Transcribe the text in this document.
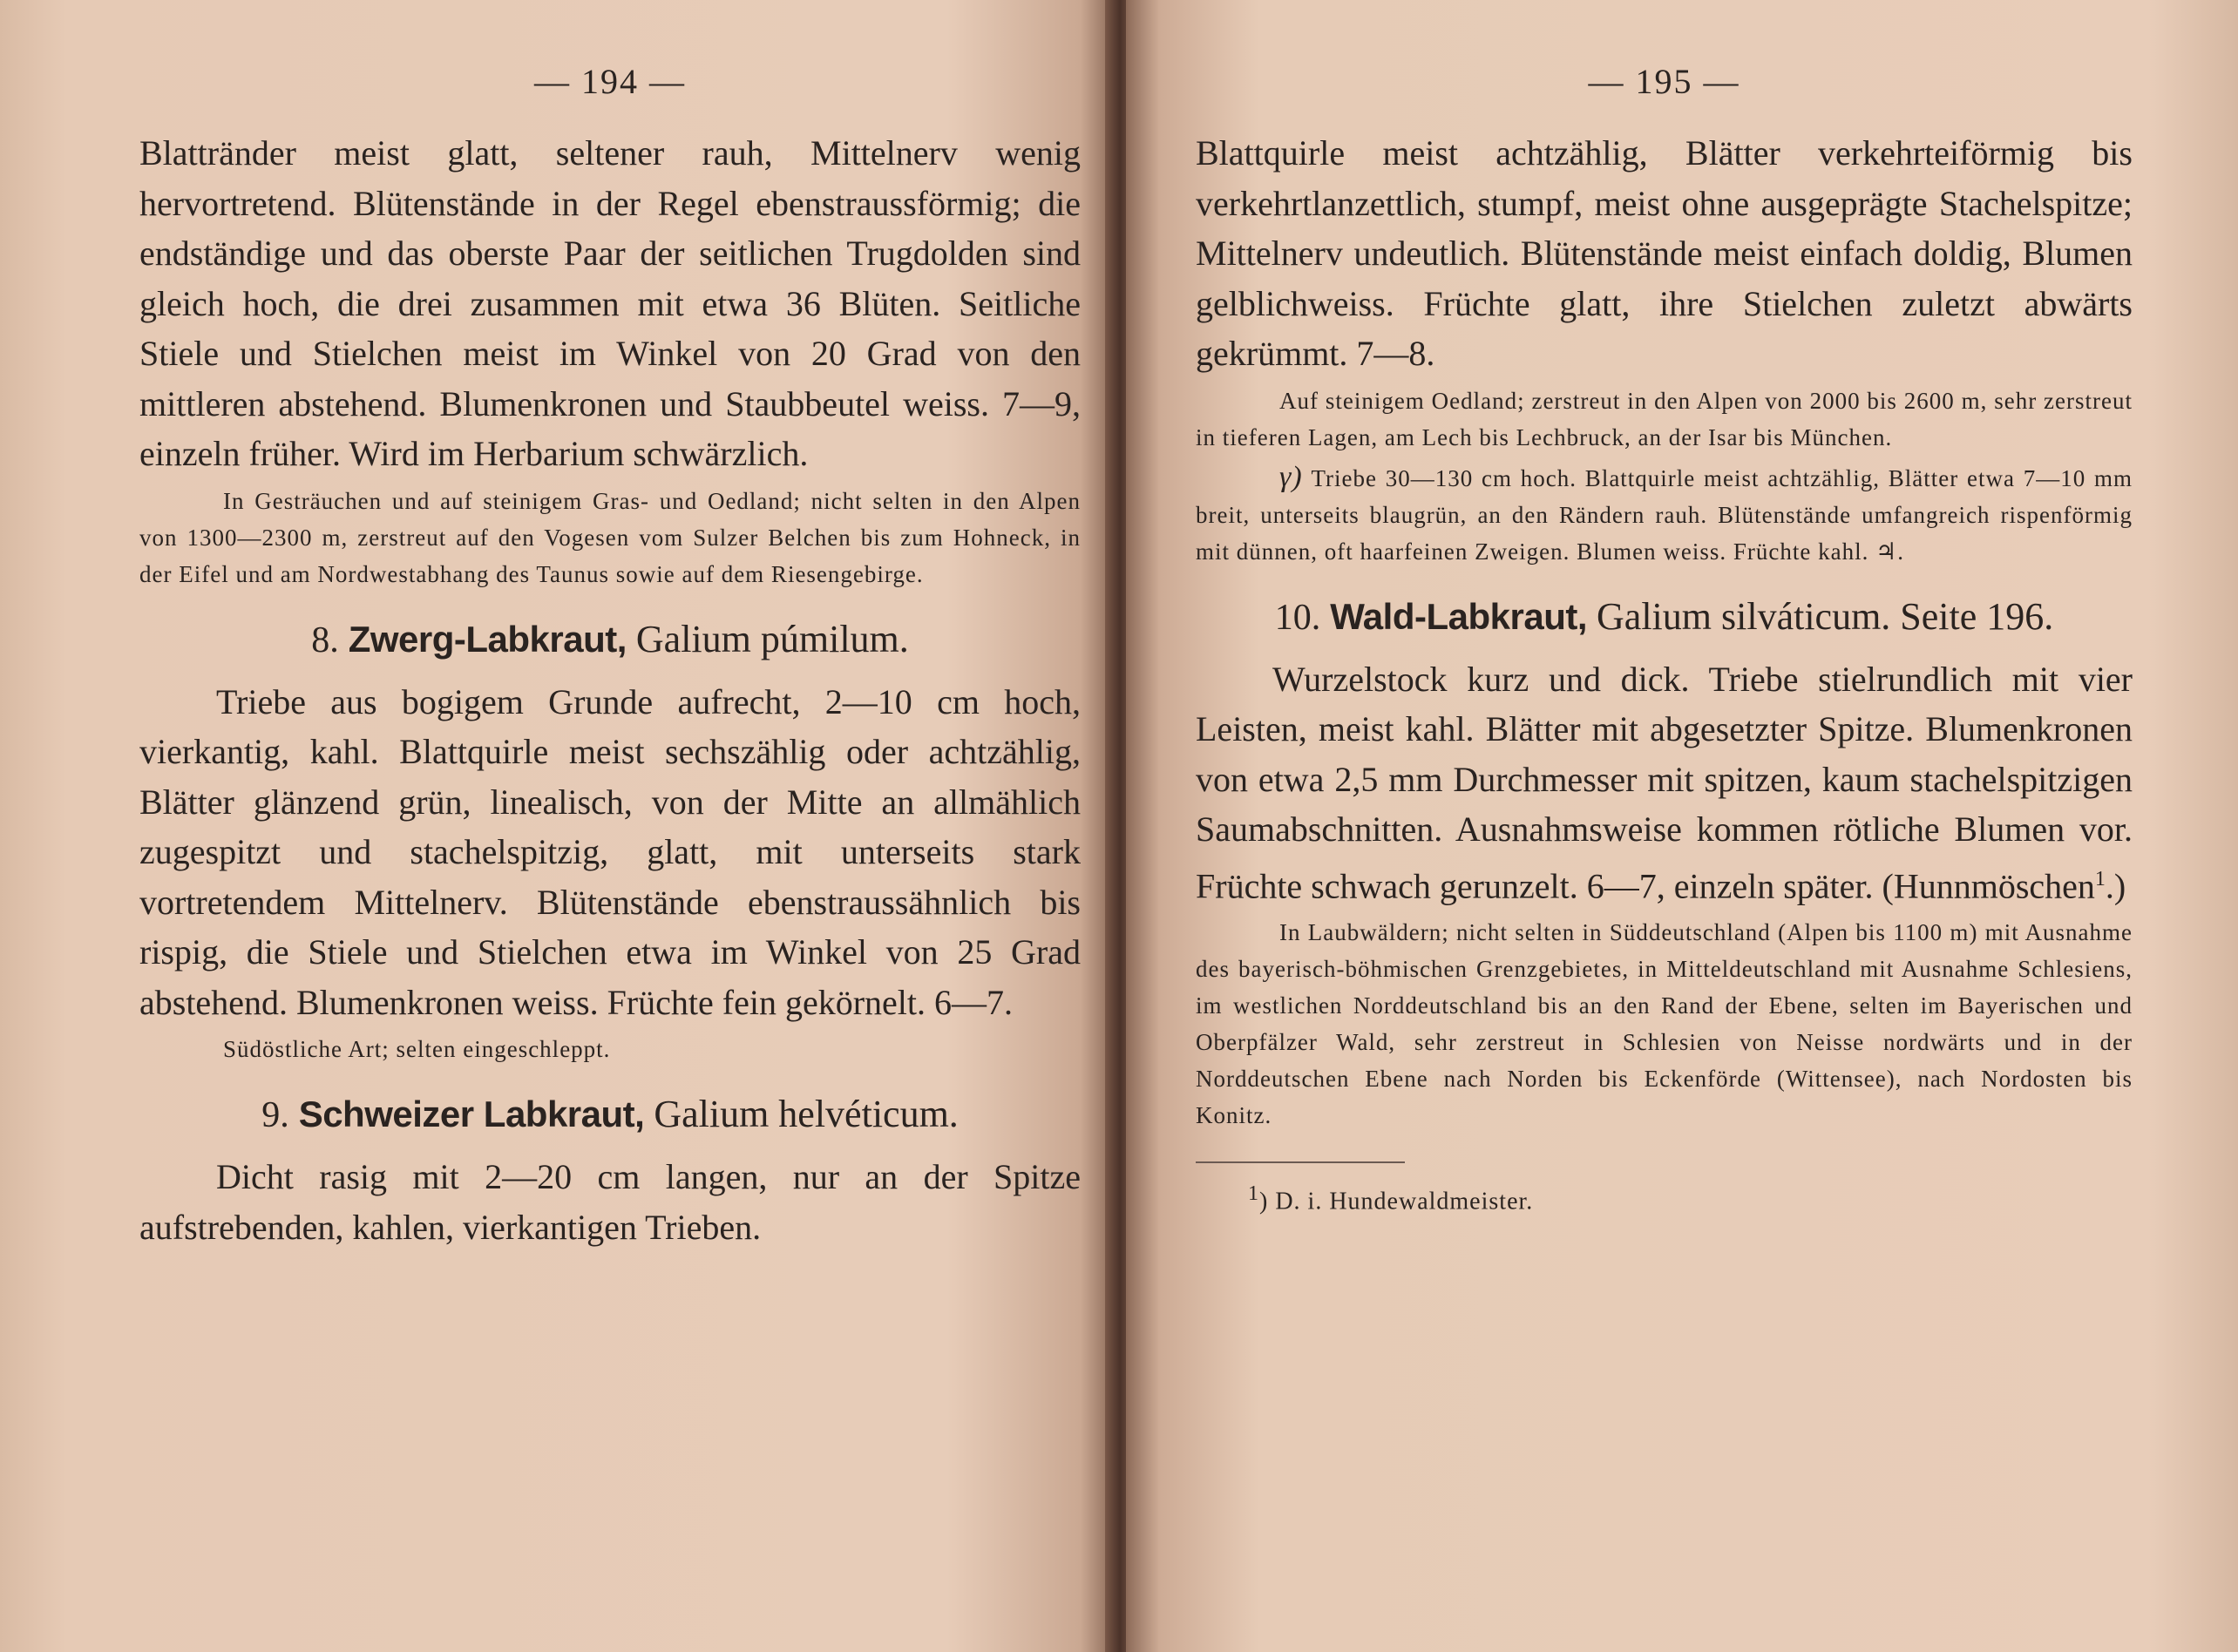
— 194 —

Blattränder meist glatt, seltener rauh, Mittelnerv wenig hervortretend. Blütenstände in der Regel ebenstraussförmig; die endständige und das oberste Paar der seitlichen Trugdolden sind gleich hoch, die drei zusammen mit etwa 36 Blüten. Seitliche Stiele und Stielchen meist im Winkel von 20 Grad von den mittleren abstehend. Blumenkronen und Staubbeutel weiss. 7—9, einzeln früher. Wird im Herbarium schwärzlich.

In Gesträuchen und auf steinigem Gras- und Oedland; nicht selten in den Alpen von 1300—2300 m, zerstreut auf den Vogesen vom Sulzer Belchen bis zum Hohneck, in der Eifel und am Nordwestabhang des Taunus sowie auf dem Riesengebirge.

8. Zwerg-Labkraut, Galium púmilum.

Triebe aus bogigem Grunde aufrecht, 2—10 cm hoch, vierkantig, kahl. Blattquirle meist sechszählig oder achtzählig, Blätter glänzend grün, linealisch, von der Mitte an allmählich zugespitzt und stachelspitzig, glatt, mit unterseits stark vortretendem Mittelnerv. Blütenstände ebenstraussähnlich bis rispig, die Stiele und Stielchen etwa im Winkel von 25 Grad abstehend. Blumenkronen weiss. Früchte fein gekörnelt. 6—7.

Südöstliche Art; selten eingeschleppt.

9. Schweizer Labkraut, Galium helvéticum.

Dicht rasig mit 2—20 cm langen, nur an der Spitze aufstrebenden, kahlen, vierkantigen Trieben.

— 195 —

Blattquirle meist achtzählig, Blätter verkehrteiförmig bis verkehrtlanzettlich, stumpf, meist ohne ausgeprägte Stachelspitze; Mittelnerv undeutlich. Blütenstände meist einfach doldig, Blumen gelblichweiss. Früchte glatt, ihre Stielchen zuletzt abwärts gekrümmt. 7—8.

Auf steinigem Oedland; zerstreut in den Alpen von 2000 bis 2600 m, sehr zerstreut in tieferen Lagen, am Lech bis Lechbruck, an der Isar bis München.

γ) Triebe 30—130 cm hoch. Blattquirle meist achtzählig, Blätter etwa 7—10 mm breit, unterseits blaugrün, an den Rändern rauh. Blütenstände umfangreich rispenförmig mit dünnen, oft haarfeinen Zweigen. Blumen weiss. Früchte kahl. ♃.

10. Wald-Labkraut, Galium silváticum. Seite 196.

Wurzelstock kurz und dick. Triebe stielrundlich mit vier Leisten, meist kahl. Blätter mit abgesetzter Spitze. Blumenkronen von etwa 2,5 mm Durchmesser mit spitzen, kaum stachelspitzigen Saumabschnitten. Ausnahmsweise kommen rötliche Blumen vor. Früchte schwach gerunzelt. 6—7, einzeln später. (Hunnmöschen$^1$.)

In Laubwäldern; nicht selten in Süddeutschland (Alpen bis 1100 m) mit Ausnahme des bayerisch-böhmischen Grenzgebietes, in Mitteldeutschland mit Ausnahme Schlesiens, im westlichen Norddeutschland bis an den Rand der Ebene, selten im Bayerischen und Oberpfälzer Wald, sehr zerstreut in Schlesien von Neisse nordwärts und in der Norddeutschen Ebene nach Norden bis Eckenförde (Wittensee), nach Nordosten bis Konitz.

1) D. i. Hundewaldmeister.
